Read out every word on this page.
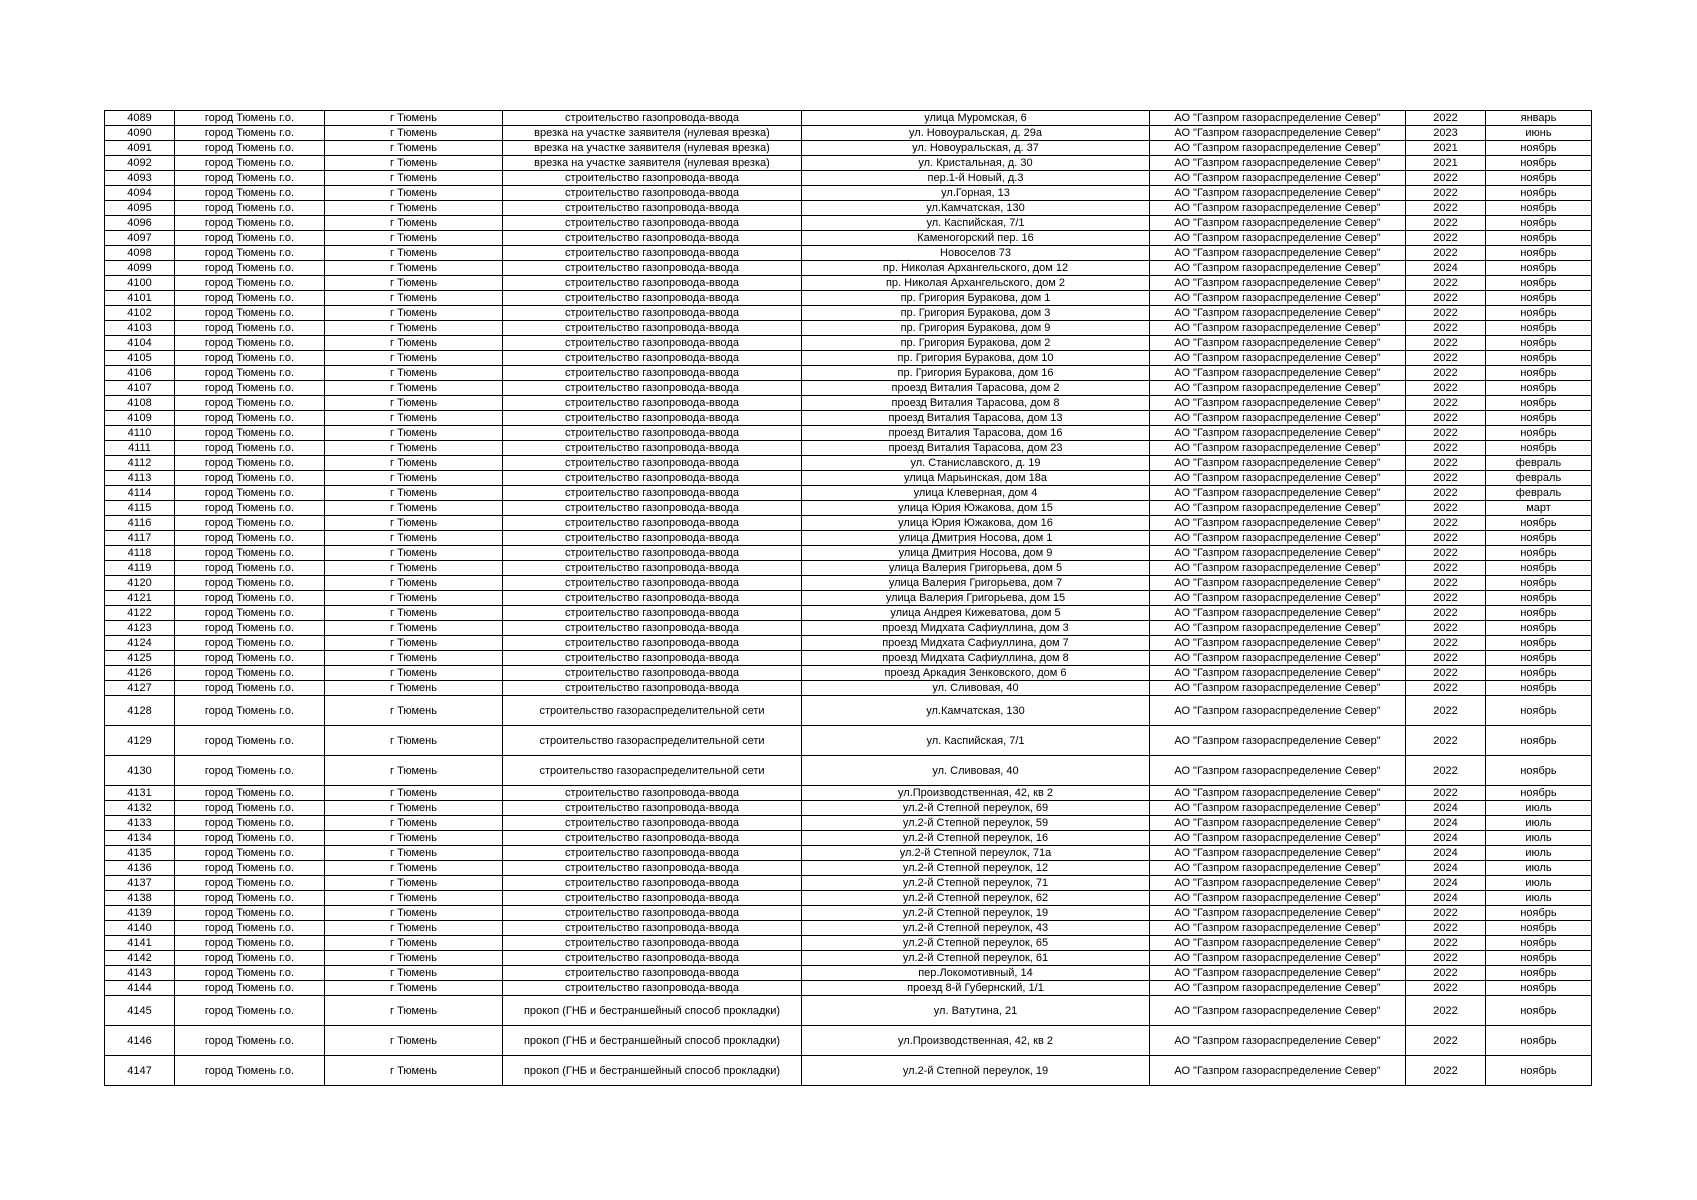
4089	город Тюмень г.о.	г Тюмень	строительство газопровода-ввода	улица Муромская, 6	АО "Газпром газораспределение Север"	2022	январь
4090	город Тюмень г.о.	г Тюмень	врезка на участке заявителя (нулевая врезка)	ул. Новоуральская, д. 29а	АО "Газпром газораспределение Север"	2023	июнь
4091	город Тюмень г.о.	г Тюмень	врезка на участке заявителя (нулевая врезка)	ул. Новоуральская, д. 37	АО "Газпром газораспределение Север"	2021	ноябрь
4092	город Тюмень г.о.	г Тюмень	врезка на участке заявителя (нулевая врезка)	ул. Кристальная, д. 30	АО "Газпром газораспределение Север"	2021	ноябрь
4093	город Тюмень г.о.	г Тюмень	строительство газопровода-ввода	пер.1-й Новый, д.3	АО "Газпром газораспределение Север"	2022	ноябрь
4094	город Тюмень г.о.	г Тюмень	строительство газопровода-ввода	ул.Горная, 13	АО "Газпром газораспределение Север"	2022	ноябрь
4095	город Тюмень г.о.	г Тюмень	строительство газопровода-ввода	ул.Камчатская, 130	АО "Газпром газораспределение Север"	2022	ноябрь
4096	город Тюмень г.о.	г Тюмень	строительство газопровода-ввода	ул. Каспийская, 7/1	АО "Газпром газораспределение Север"	2022	ноябрь
4097	город Тюмень г.о.	г Тюмень	строительство газопровода-ввода	Каменогорский пер. 16	АО "Газпром газораспределение Север"	2022	ноябрь
4098	город Тюмень г.о.	г Тюмень	строительство газопровода-ввода	Новоселов 73	АО "Газпром газораспределение Север"	2022	ноябрь
4099	город Тюмень г.о.	г Тюмень	строительство газопровода-ввода	пр. Николая Архангельского, дом 12	АО "Газпром газораспределение Север"	2024	ноябрь
4100	город Тюмень г.о.	г Тюмень	строительство газопровода-ввода	пр. Николая Архангельского, дом 2	АО "Газпром газораспределение Север"	2022	ноябрь
4101	город Тюмень г.о.	г Тюмень	строительство газопровода-ввода	пр. Григория Буракова, дом 1	АО "Газпром газораспределение Север"	2022	ноябрь
4102	город Тюмень г.о.	г Тюмень	строительство газопровода-ввода	пр. Григория Буракова, дом 3	АО "Газпром газораспределение Север"	2022	ноябрь
4103	город Тюмень г.о.	г Тюмень	строительство газопровода-ввода	пр. Григория Буракова, дом 9	АО "Газпром газораспределение Север"	2022	ноябрь
4104	город Тюмень г.о.	г Тюмень	строительство газопровода-ввода	пр. Григория Буракова, дом 2	АО "Газпром газораспределение Север"	2022	ноябрь
4105	город Тюмень г.о.	г Тюмень	строительство газопровода-ввода	пр. Григория Буракова, дом 10	АО "Газпром газораспределение Север"	2022	ноябрь
4106	город Тюмень г.о.	г Тюмень	строительство газопровода-ввода	пр. Григория Буракова, дом 16	АО "Газпром газораспределение Север"	2022	ноябрь
4107	город Тюмень г.о.	г Тюмень	строительство газопровода-ввода	проезд Виталия Тарасова, дом 2	АО "Газпром газораспределение Север"	2022	ноябрь
4108	город Тюмень г.о.	г Тюмень	строительство газопровода-ввода	проезд Виталия Тарасова, дом 8	АО "Газпром газораспределение Север"	2022	ноябрь
4109	город Тюмень г.о.	г Тюмень	строительство газопровода-ввода	проезд Виталия Тарасова, дом 13	АО "Газпром газораспределение Север"	2022	ноябрь
4110	город Тюмень г.о.	г Тюмень	строительство газопровода-ввода	проезд Виталия Тарасова, дом 16	АО "Газпром газораспределение Север"	2022	ноябрь
4111	город Тюмень г.о.	г Тюмень	строительство газопровода-ввода	проезд Виталия Тарасова, дом 23	АО "Газпром газораспределение Север"	2022	ноябрь
4112	город Тюмень г.о.	г Тюмень	строительство газопровода-ввода	ул. Станиславского, д. 19	АО "Газпром газораспределение Север"	2022	февраль
4113	город Тюмень г.о.	г Тюмень	строительство газопровода-ввода	улица Марьинская, дом 18а	АО "Газпром газораспределение Север"	2022	февраль
4114	город Тюмень г.о.	г Тюмень	строительство газопровода-ввода	улица Клеверная, дом 4	АО "Газпром газораспределение Север"	2022	февраль
4115	город Тюмень г.о.	г Тюмень	строительство газопровода-ввода	улица Юрия Южакова, дом 15	АО "Газпром газораспределение Север"	2022	март
4116	город Тюмень г.о.	г Тюмень	строительство газопровода-ввода	улица Юрия Южакова, дом 16	АО "Газпром газораспределение Север"	2022	ноябрь
4117	город Тюмень г.о.	г Тюмень	строительство газопровода-ввода	улица Дмитрия Носова, дом 1	АО "Газпром газораспределение Север"	2022	ноябрь
4118	город Тюмень г.о.	г Тюмень	строительство газопровода-ввода	улица Дмитрия Носова, дом 9	АО "Газпром газораспределение Север"	2022	ноябрь
4119	город Тюмень г.о.	г Тюмень	строительство газопровода-ввода	улица Валерия Григорьева, дом 5	АО "Газпром газораспределение Север"	2022	ноябрь
4120	город Тюмень г.о.	г Тюмень	строительство газопровода-ввода	улица Валерия Григорьева, дом 7	АО "Газпром газораспределение Север"	2022	ноябрь
4121	город Тюмень г.о.	г Тюмень	строительство газопровода-ввода	улица Валерия Григорьева, дом 15	АО "Газпром газораспределение Север"	2022	ноябрь
4122	город Тюмень г.о.	г Тюмень	строительство газопровода-ввода	улица Андрея Кижеватова, дом 5	АО "Газпром газораспределение Север"	2022	ноябрь
4123	город Тюмень г.о.	г Тюмень	строительство газопровода-ввода	проезд Мидхата Сафиуллина, дом 3	АО "Газпром газораспределение Север"	2022	ноябрь
4124	город Тюмень г.о.	г Тюмень	строительство газопровода-ввода	проезд Мидхата Сафиуллина, дом 7	АО "Газпром газораспределение Север"	2022	ноябрь
4125	город Тюмень г.о.	г Тюмень	строительство газопровода-ввода	проезд Мидхата Сафиуллина, дом 8	АО "Газпром газораспределение Север"	2022	ноябрь
4126	город Тюмень г.о.	г Тюмень	строительство газопровода-ввода	проезд Аркадия Зенковского, дом 6	АО "Газпром газораспределение Север"	2022	ноябрь
4127	город Тюмень г.о.	г Тюмень	строительство газопровода-ввода	ул. Сливовая, 40	АО "Газпром газораспределение Север"	2022	ноябрь
4128	город Тюмень г.о.	г Тюмень	строительство газораспределительной сети	ул.Камчатская, 130	АО "Газпром газораспределение Север"	2022	ноябрь
4129	город Тюмень г.о.	г Тюмень	строительство газораспределительной сети	ул. Каспийская, 7/1	АО "Газпром газораспределение Север"	2022	ноябрь
4130	город Тюмень г.о.	г Тюмень	строительство газораспределительной сети	ул. Сливовая, 40	АО "Газпром газораспределение Север"	2022	ноябрь
4131	город Тюмень г.о.	г Тюмень	строительство газопровода-ввода	ул.Производственная, 42, кв 2	АО "Газпром газораспределение Север"	2022	ноябрь
4132	город Тюмень г.о.	г Тюмень	строительство газопровода-ввода	ул.2-й Степной переулок, 69	АО "Газпром газораспределение Север"	2024	июль
4133	город Тюмень г.о.	г Тюмень	строительство газопровода-ввода	ул.2-й Степной переулок, 59	АО "Газпром газораспределение Север"	2024	июль
4134	город Тюмень г.о.	г Тюмень	строительство газопровода-ввода	ул.2-й Степной переулок, 16	АО "Газпром газораспределение Север"	2024	июль
4135	город Тюмень г.о.	г Тюмень	строительство газопровода-ввода	ул.2-й Степной переулок, 71а	АО "Газпром газораспределение Север"	2024	июль
4136	город Тюмень г.о.	г Тюмень	строительство газопровода-ввода	ул.2-й Степной переулок, 12	АО "Газпром газораспределение Север"	2024	июль
4137	город Тюмень г.о.	г Тюмень	строительство газопровода-ввода	ул.2-й Степной переулок, 71	АО "Газпром газораспределение Север"	2024	июль
4138	город Тюмень г.о.	г Тюмень	строительство газопровода-ввода	ул.2-й Степной переулок, 62	АО "Газпром газораспределение Север"	2024	июль
4139	город Тюмень г.о.	г Тюмень	строительство газопровода-ввода	ул.2-й Степной переулок, 19	АО "Газпром газораспределение Север"	2022	ноябрь
4140	город Тюмень г.о.	г Тюмень	строительство газопровода-ввода	ул.2-й Степной переулок, 43	АО "Газпром газораспределение Север"	2022	ноябрь
4141	город Тюмень г.о.	г Тюмень	строительство газопровода-ввода	ул.2-й Степной переулок, 65	АО "Газпром газораспределение Север"	2022	ноябрь
4142	город Тюмень г.о.	г Тюмень	строительство газопровода-ввода	ул.2-й Степной переулок, 61	АО "Газпром газораспределение Север"	2022	ноябрь
4143	город Тюмень г.о.	г Тюмень	строительство газопровода-ввода	пер.Локомотивный, 14	АО "Газпром газораспределение Север"	2022	ноябрь
4144	город Тюмень г.о.	г Тюмень	строительство газопровода-ввода	проезд 8-й Губернский, 1/1	АО "Газпром газораспределение Север"	2022	ноябрь
4145	город Тюмень г.о.	г Тюмень	прокоп (ГНБ и бестраншейный способ прокладки)	ул. Ватутина, 21	АО "Газпром газораспределение Север"	2022	ноябрь
4146	город Тюмень г.о.	г Тюмень	прокоп (ГНБ и бестраншейный способ прокладки)	ул.Производственная, 42, кв 2	АО "Газпром газораспределение Север"	2022	ноябрь
4147	город Тюмень г.о.	г Тюмень	прокоп (ГНБ и бестраншейный способ прокладки)	ул.2-й Степной переулок, 19	АО "Газпром газораспределение Север"	2022	ноябрь
